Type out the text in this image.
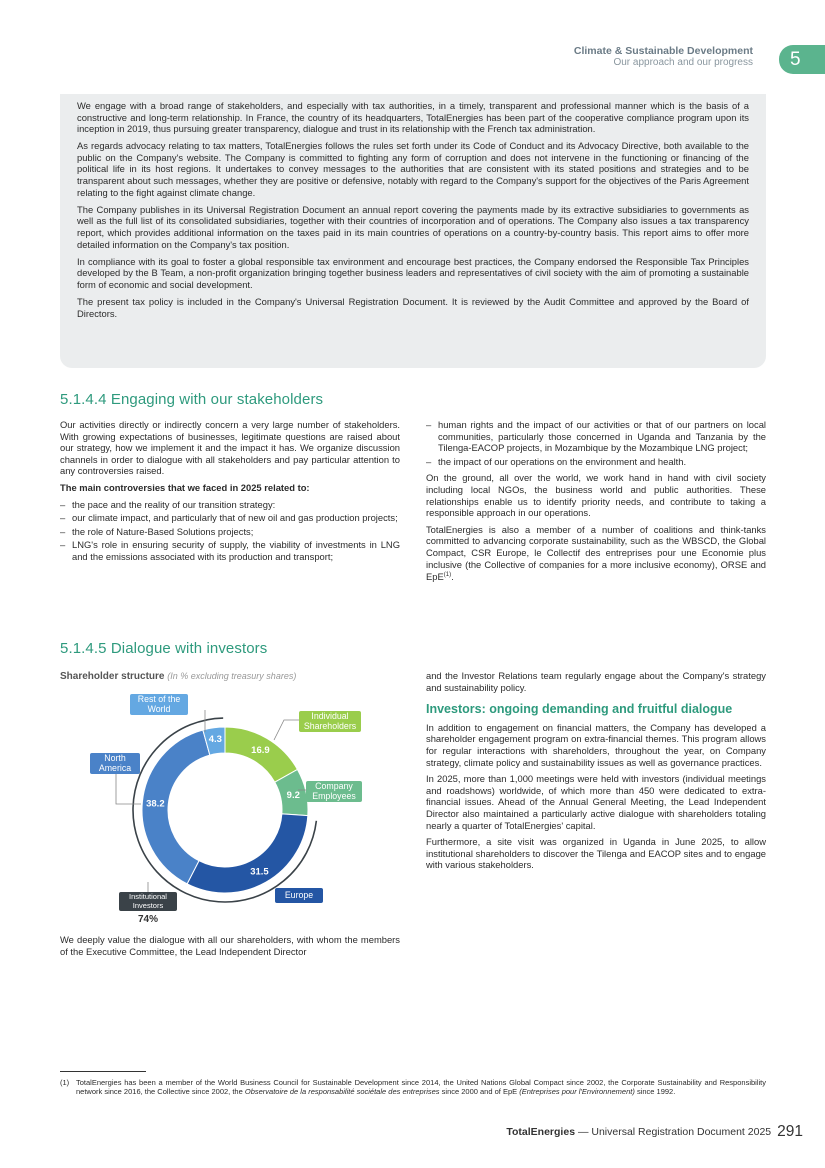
Climate & Sustainable Development
Our approach and our progress	5

We engage with a broad range of stakeholders, and especially with tax authorities, in a timely, transparent and professional manner which is the basis of a constructive and long-term relationship. In France, the country of its headquarters, TotalEnergies has been part of the cooperative compliance program upon its inception in 2019, thus pursuing greater transparency, dialogue and trust in its relationship with the French tax administration.

As regards advocacy relating to tax matters, TotalEnergies follows the rules set forth under its Code of Conduct and its Advocacy Directive, both available to the public on the Company's website. The Company is committed to fighting any form of corruption and does not intervene in the functioning or financing of the political life in its host regions. It undertakes to convey messages to the authorities that are consistent with its stated positions and strategies and to be transparent about such messages, whether they are positive or defensive, notably with regard to the Company's support for the objectives of the Paris Agreement relating to the fight against climate change.

The Company publishes in its Universal Registration Document an annual report covering the payments made by its extractive subsidiaries to governments as well as the full list of its consolidated subsidiaries, together with their countries of incorporation and of operations. The Company also issues a tax transparency report, which provides additional information on the taxes paid in its main countries of operations on a country-by-country basis. This report aims to offer more detailed information on the Company's tax position.

In compliance with its goal to foster a global responsible tax environment and encourage best practices, the Company endorsed the Responsible Tax Principles developed by the B Team, a non-profit organization bringing together business leaders and representatives of civil society with the aim of promoting a sustainable form of economic and social development.

The present tax policy is included in the Company's Universal Registration Document. It is reviewed by the Audit Committee and approved by the Board of Directors.

5.1.4.4 Engaging with our stakeholders

Our activities directly or indirectly concern a very large number of stakeholders. With growing expectations of businesses, legitimate questions are raised about our strategy, how we implement it and the impact it has. We organize discussion channels in order to dialogue with all stakeholders and pay particular attention to any controversies raised.

The main controversies that we faced in 2025 related to:

– the pace and the reality of our transition strategy:
– our climate impact, and particularly that of new oil and gas production projects;
– the role of Nature-Based Solutions projects;
– LNG's role in ensuring security of supply, the viability of investments in LNG and the emissions associated with its production and transport;
– human rights and the impact of our activities or that of our partners on local communities, particularly those concerned in Uganda and Tanzania by the Tilenga-EACOP projects, in Mozambique by the Mozambique LNG project;
– the impact of our operations on the environment and health.

On the ground, all over the world, we work hand in hand with civil society including local NGOs, the business world and public authorities. These relationships enable us to identify priority needs, and contribute to taking a responsible approach in our operations.

TotalEnergies is also a member of a number of coalitions and think-tanks committed to advancing corporate sustainability, such as the WBSCD, the Global Compact, CSR Europe, le Collectif des entreprises pour une Economie plus inclusive (the Collective of companies for a more inclusive economy), ORSE and EpE$^{(1)}$.

5.1.4.5 Dialogue with investors
Shareholder structure (In % excluding treasury shares)
16.9
9.2
31.5
38.2
4.3
Rest of the World
Individual Shareholders
North America
Company Employees
Europe
Institutional Investors
74%

We deeply value the dialogue with all our shareholders, with whom the members of the Executive Committee, the Lead Independent Director

and the Investor Relations team regularly engage about the Company's strategy and sustainability policy.

Investors: ongoing demanding and fruitful dialogue

In addition to engagement on financial matters, the Company has developed a shareholder engagement program on extra-financial themes. This program allows for regular interactions with shareholders, throughout the year, on Company strategy, climate policy and sustainability issues as well as governance practices.

In 2025, more than 1,000 meetings were held with investors (individual meetings and roadshows) worldwide, of which more than 450 were dedicated to extra-financial issues. Ahead of the Annual General Meeting, the Lead Independent Director also maintained a particularly active dialogue with shareholders totaling nearly a quarter of TotalEnergies' capital.

Furthermore, a site visit was organized in Uganda in June 2025, to allow institutional shareholders to discover the Tilenga and EACOP sites and to engage with various stakeholders.

(1) TotalEnergies has been a member of the World Business Council for Sustainable Development since 2014, the United Nations Global Compact since 2002, the Corporate Sustainability and Responsibility network since 2016, the Collective since 2002, the Observatoire de la responsabilité sociétale des entreprises since 2000 and of EpE (Entreprises pour l'Environnement) since 1992.
TotalEnergies — Universal Registration Document 2025 291
